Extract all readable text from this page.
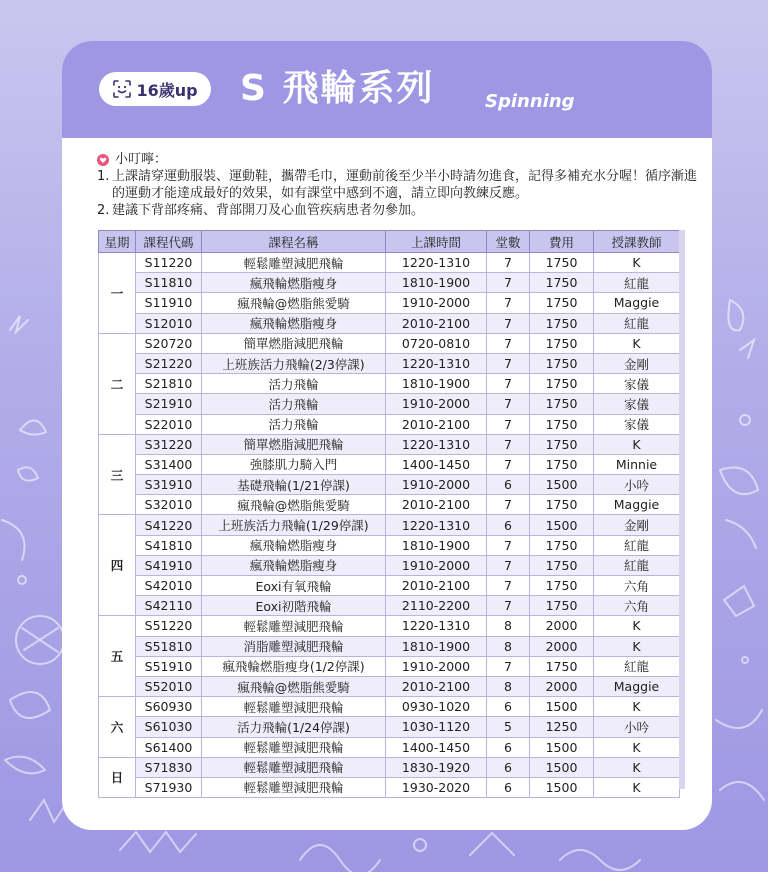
16歲up S 飛輪系列	Spinning
小叮嚀：
1. 上課請穿運動服裝、運動鞋，攜帶毛巾，運動前後至少半小時請勿進食，記得多補充水分喔！循序漸進的運動才能達成最好的效果，如有課堂中感到不適，請立即向教練反應。
2. 建議下背部疼痛、背部開刀及心血管疾病患者勿參加。
星期	課程代碼	課程名稱	上課時間	堂數	費用	授課教師
一	S11220	輕鬆雕塑減肥飛輪	1220-1310	7	1750	K
	S11810	瘋飛輪燃脂瘦身	1810-1900	7	1750	紅龍
	S11910	瘋飛輪@燃脂熊愛騎	1910-2000	7	1750	Maggie
	S12010	瘋飛輪燃脂瘦身	2010-2100	7	1750	紅龍
二	S20720	簡單燃脂減肥飛輪	0720-0810	7	1750	K
	S21220	上班族活力飛輪(2/3停課)	1220-1310	7	1750	金剛
	S21810	活力飛輪	1810-1900	7	1750	家儀
	S21910	活力飛輪	1910-2000	7	1750	家儀
	S22010	活力飛輪	2010-2100	7	1750	家儀
三	S31220	簡單燃脂減肥飛輪	1220-1310	7	1750	K
	S31400	強膝肌力騎入門	1400-1450	7	1750	Minnie
	S31910	基礎飛輪(1/21停課)	1910-2000	6	1500	小吟
	S32010	瘋飛輪@燃脂熊愛騎	2010-2100	7	1750	Maggie
四	S41220	上班族活力飛輪(1/29停課)	1220-1310	6	1500	金剛
	S41810	瘋飛輪燃脂瘦身	1810-1900	7	1750	紅龍
	S41910	瘋飛輪燃脂瘦身	1910-2000	7	1750	紅龍
	S42010	Eoxi有氧飛輪	2010-2100	7	1750	六角
	S42110	Eoxi初階飛輪	2110-2200	7	1750	六角
五	S51220	輕鬆雕塑減肥飛輪	1220-1310	8	2000	K
	S51810	消脂雕塑減肥飛輪	1810-1900	8	2000	K
	S51910	瘋飛輪燃脂瘦身(1/2停課)	1910-2000	7	1750	紅龍
	S52010	瘋飛輪@燃脂熊愛騎	2010-2100	8	2000	Maggie
六	S60930	輕鬆雕塑減肥飛輪	0930-1020	6	1500	K
	S61030	活力飛輪(1/24停課)	1030-1120	5	1250	小吟
	S61400	輕鬆雕塑減肥飛輪	1400-1450	6	1500	K
日	S71830	輕鬆雕塑減肥飛輪	1830-1920	6	1500	K
	S71930	輕鬆雕塑減肥飛輪	1930-2020	6	1500	K
